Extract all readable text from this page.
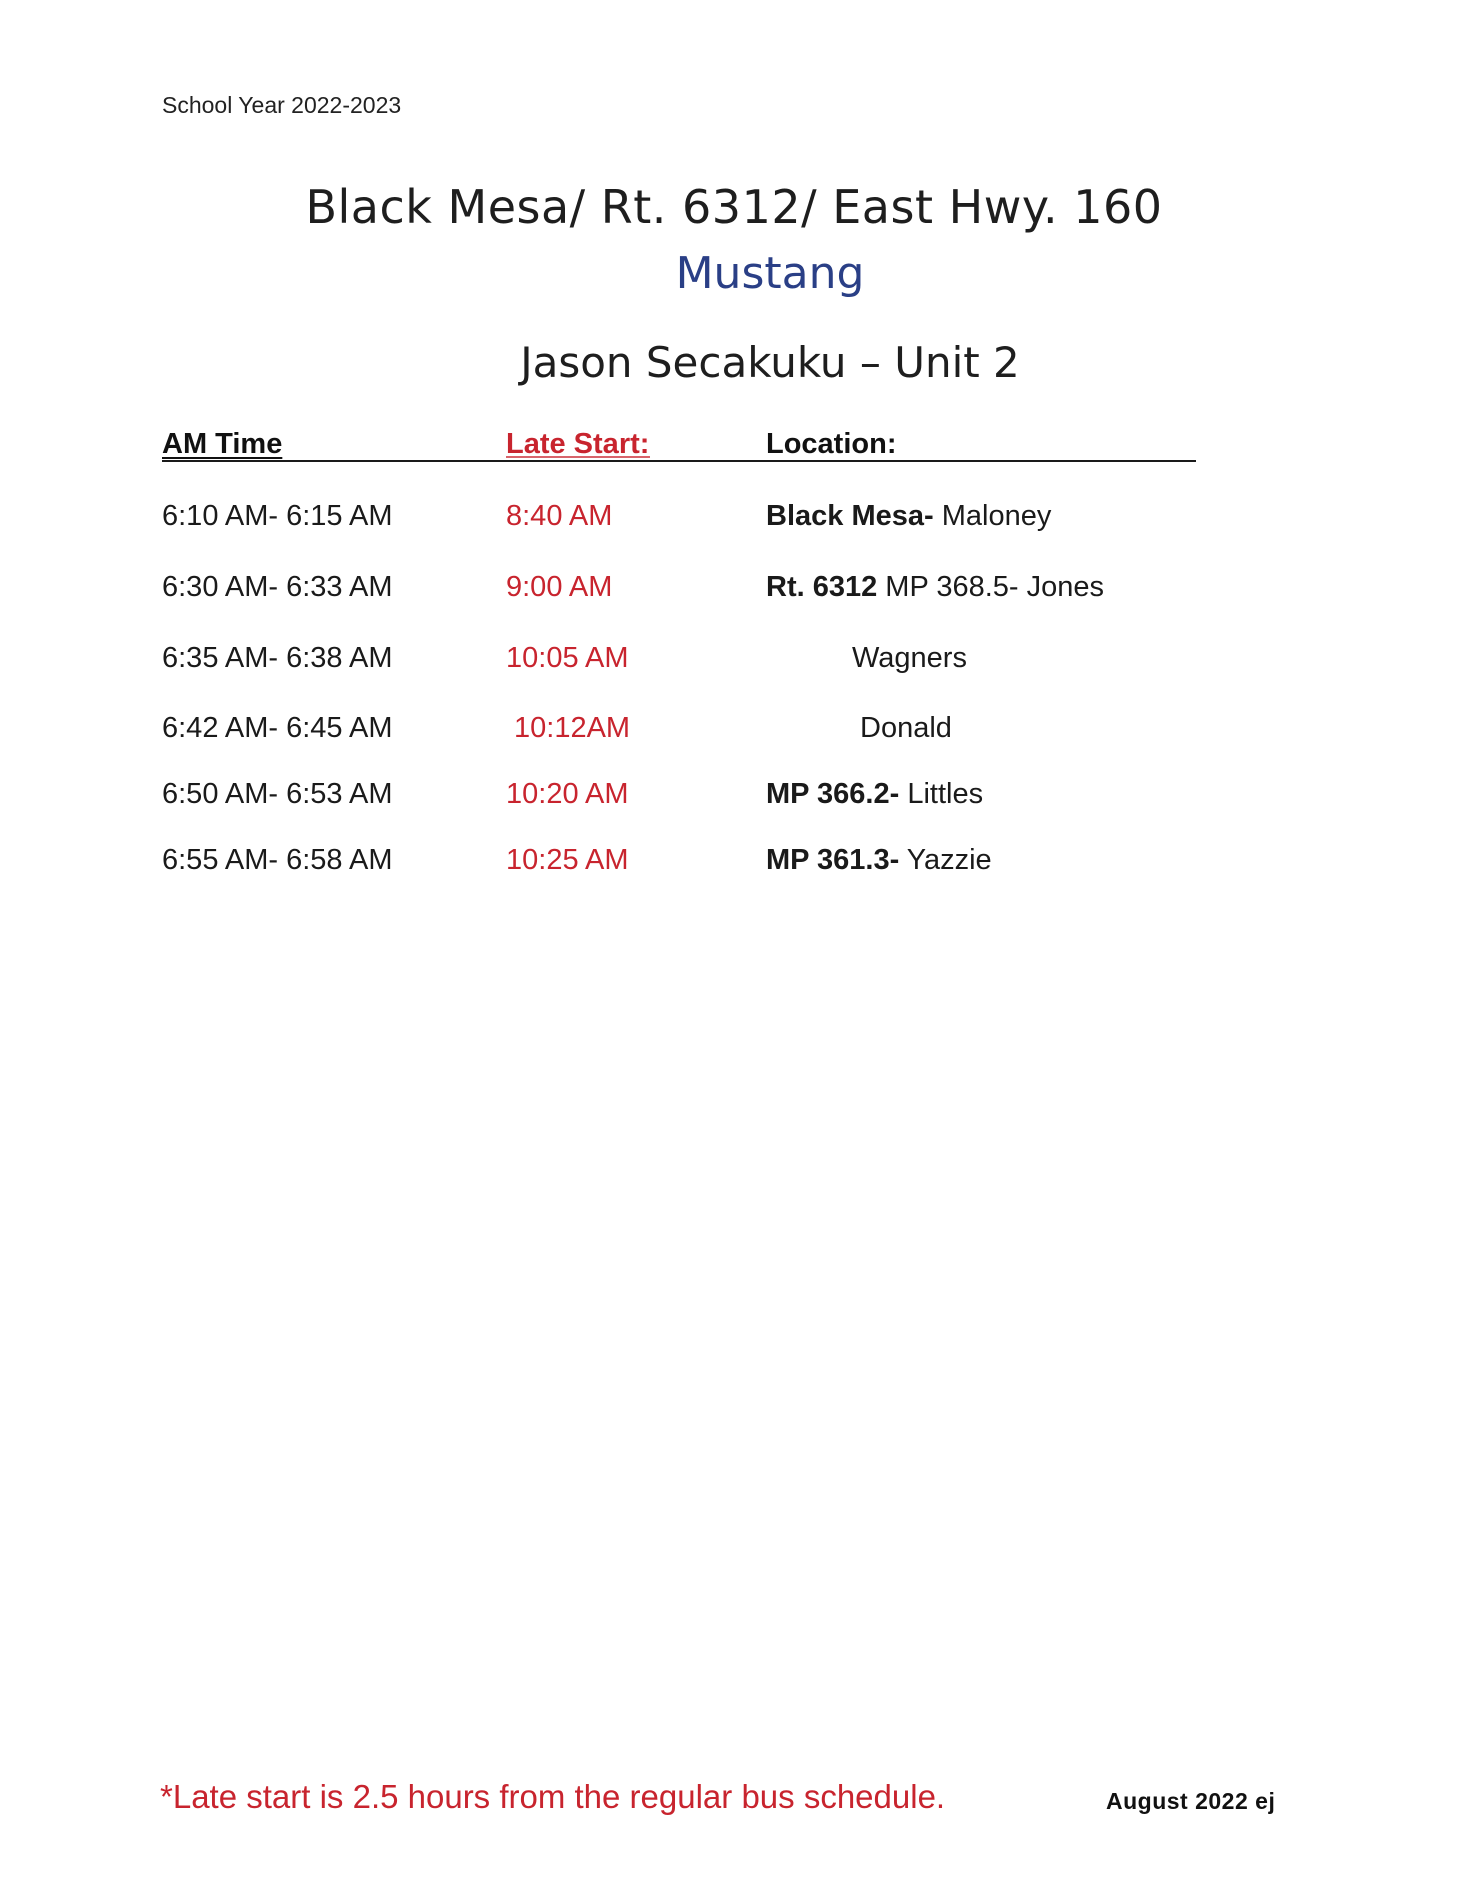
School Year 2022-2023
Black Mesa/ Rt. 6312/ East Hwy. 160
Mustang
Jason Secakuku – Unit 2
AM Time	Late Start:	Location:
6:10 AM- 6:15 AM	8:40 AM	Black Mesa- Maloney
6:30 AM- 6:33 AM	9:00 AM	Rt. 6312 MP 368.5- Jones
6:35 AM- 6:38 AM	10:05 AM	Wagners
6:42 AM- 6:45 AM	10:12AM	Donald
6:50 AM- 6:53 AM	10:20 AM	MP 366.2- Littles
6:55 AM- 6:58 AM	10:25 AM	MP 361.3- Yazzie
*Late start is 2.5 hours from the regular bus schedule.	August 2022 ej
